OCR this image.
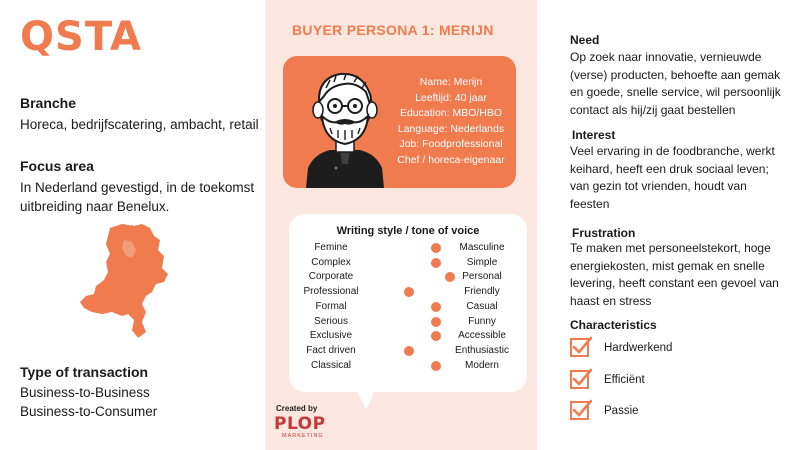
QSTA
Branche
Horeca, bedrijfscatering, ambacht, retail
Focus area
In Nederland gevestigd, in de toekomst uitbreiding naar Benelux.
Type of transaction
Business-to-Business
Business-to-Consumer
BUYER PERSONA 1: MERIJN
Name: Merijn
Leeftijd: 40 jaar
Education: MBO/HBO
Language: Nederlands
Job: Foodprofessional
Chef / horeca-eigenaar
Writing style / tone of voice
Femine	Masculine
Complex	Simple
Corporate	Personal
Professional	Friendly
Formal	Casual
Serious	Funny
Exclusive	Accessible
Fact driven	Enthusiastic
Classical	Modern
Created by
PLOP
MARKETING
Need
Op zoek naar innovatie, vernieuwde (verse) producten, behoefte aan gemak en goede, snelle service, wil persoonlijk contact als hij/zij gaat bestellen
Interest
Veel ervaring in de foodbranche, werkt keihard, heeft een druk sociaal leven; van gezin tot vrienden, houdt van feesten
Frustration
Te maken met personeelstekort, hoge energiekosten, mist gemak en snelle levering, heeft constant een gevoel van haast en stress
Characteristics
Hardwerkend
Efficiënt
Passie
